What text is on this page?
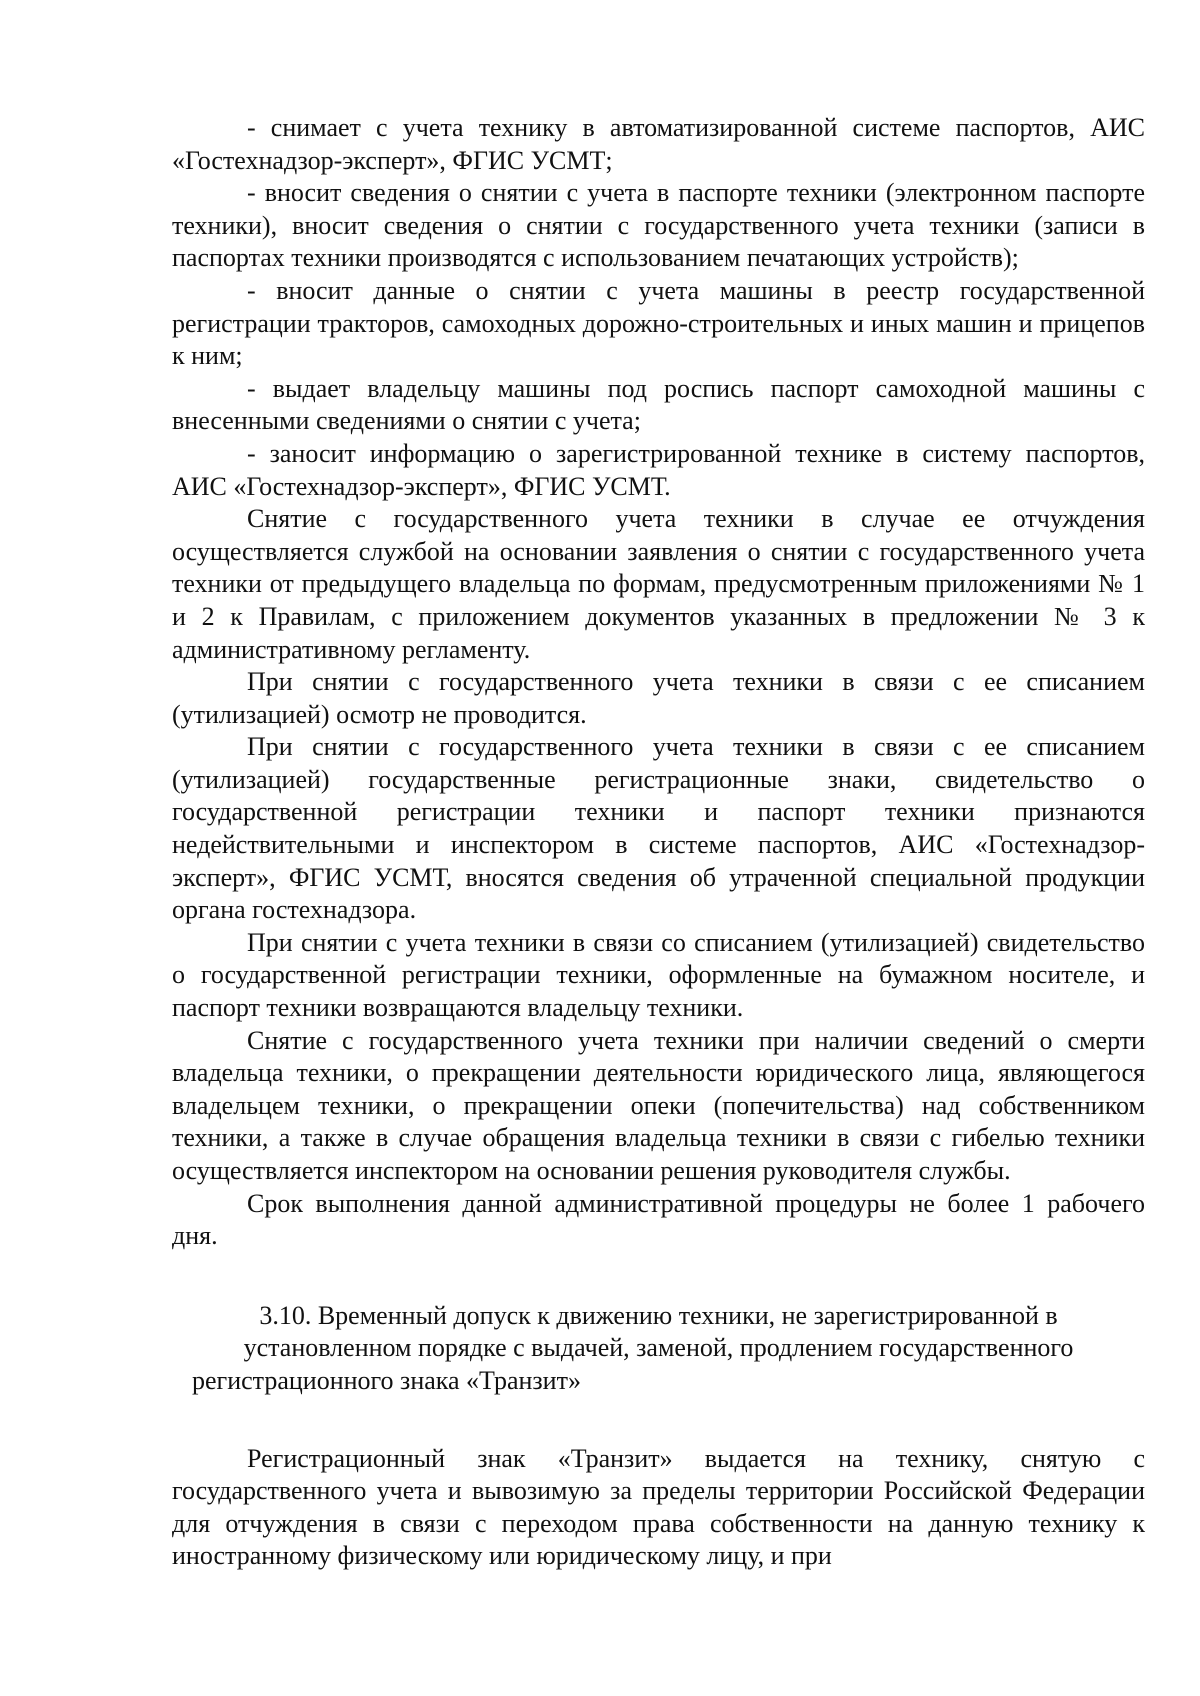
- снимает с учета технику в автоматизированной системе паспортов, АИС «Гостехнадзор-эксперт», ФГИС УСМТ;

- вносит сведения о снятии с учета в паспорте техники (электронном паспорте техники), вносит сведения о снятии с государственного учета техники (записи в паспортах техники производятся с использованием печатающих устройств);

- вносит данные о снятии с учета машины в реестр государственной регистрации тракторов, самоходных дорожно-строительных и иных машин и прицепов к ним;

- выдает владельцу машины под роспись паспорт самоходной машины с внесенными сведениями о снятии с учета;

- заносит информацию о зарегистрированной технике в систему паспортов, АИС «Гостехнадзор-эксперт», ФГИС УСМТ.

Снятие с государственного учета техники в случае ее отчуждения осуществляется службой на основании заявления о снятии с государственного учета техники от предыдущего владельца по формам, предусмотренным приложениями № 1 и 2 к Правилам, с приложением документов указанных в предложении № 3 к административному регламенту.

При снятии с государственного учета техники в связи с ее списанием (утилизацией) осмотр не проводится.

При снятии с государственного учета техники в связи с ее списанием (утилизацией) государственные регистрационные знаки, свидетельство о государственной регистрации техники и паспорт техники признаются недействительными и инспектором в системе паспортов, АИС «Гостехнадзор-эксперт», ФГИС УСМТ, вносятся сведения об утраченной специальной продукции органа гостехнадзора.

При снятии с учета техники в связи со списанием (утилизацией) свидетельство о государственной регистрации техники, оформленные на бумажном носителе, и паспорт техники возвращаются владельцу техники.

Снятие с государственного учета техники при наличии сведений о смерти владельца техники, о прекращении деятельности юридического лица, являющегося владельцем техники, о прекращении опеки (попечительства) над собственником техники, а также в случае обращения владельца техники в связи с гибелью техники осуществляется инспектором на основании решения руководителя службы.

Срок выполнения данной административной процедуры не более 1 рабочего дня.

3.10. Временный допуск к движению техники, не зарегистрированной в установленном порядке с выдачей, заменой, продлением государственного регистрационного знака «Транзит»

Регистрационный знак «Транзит» выдается на технику, снятую с государственного учета и вывозимую за пределы территории Российской Федерации для отчуждения в связи с переходом права собственности на данную технику к иностранному физическому или юридическому лицу, и при
